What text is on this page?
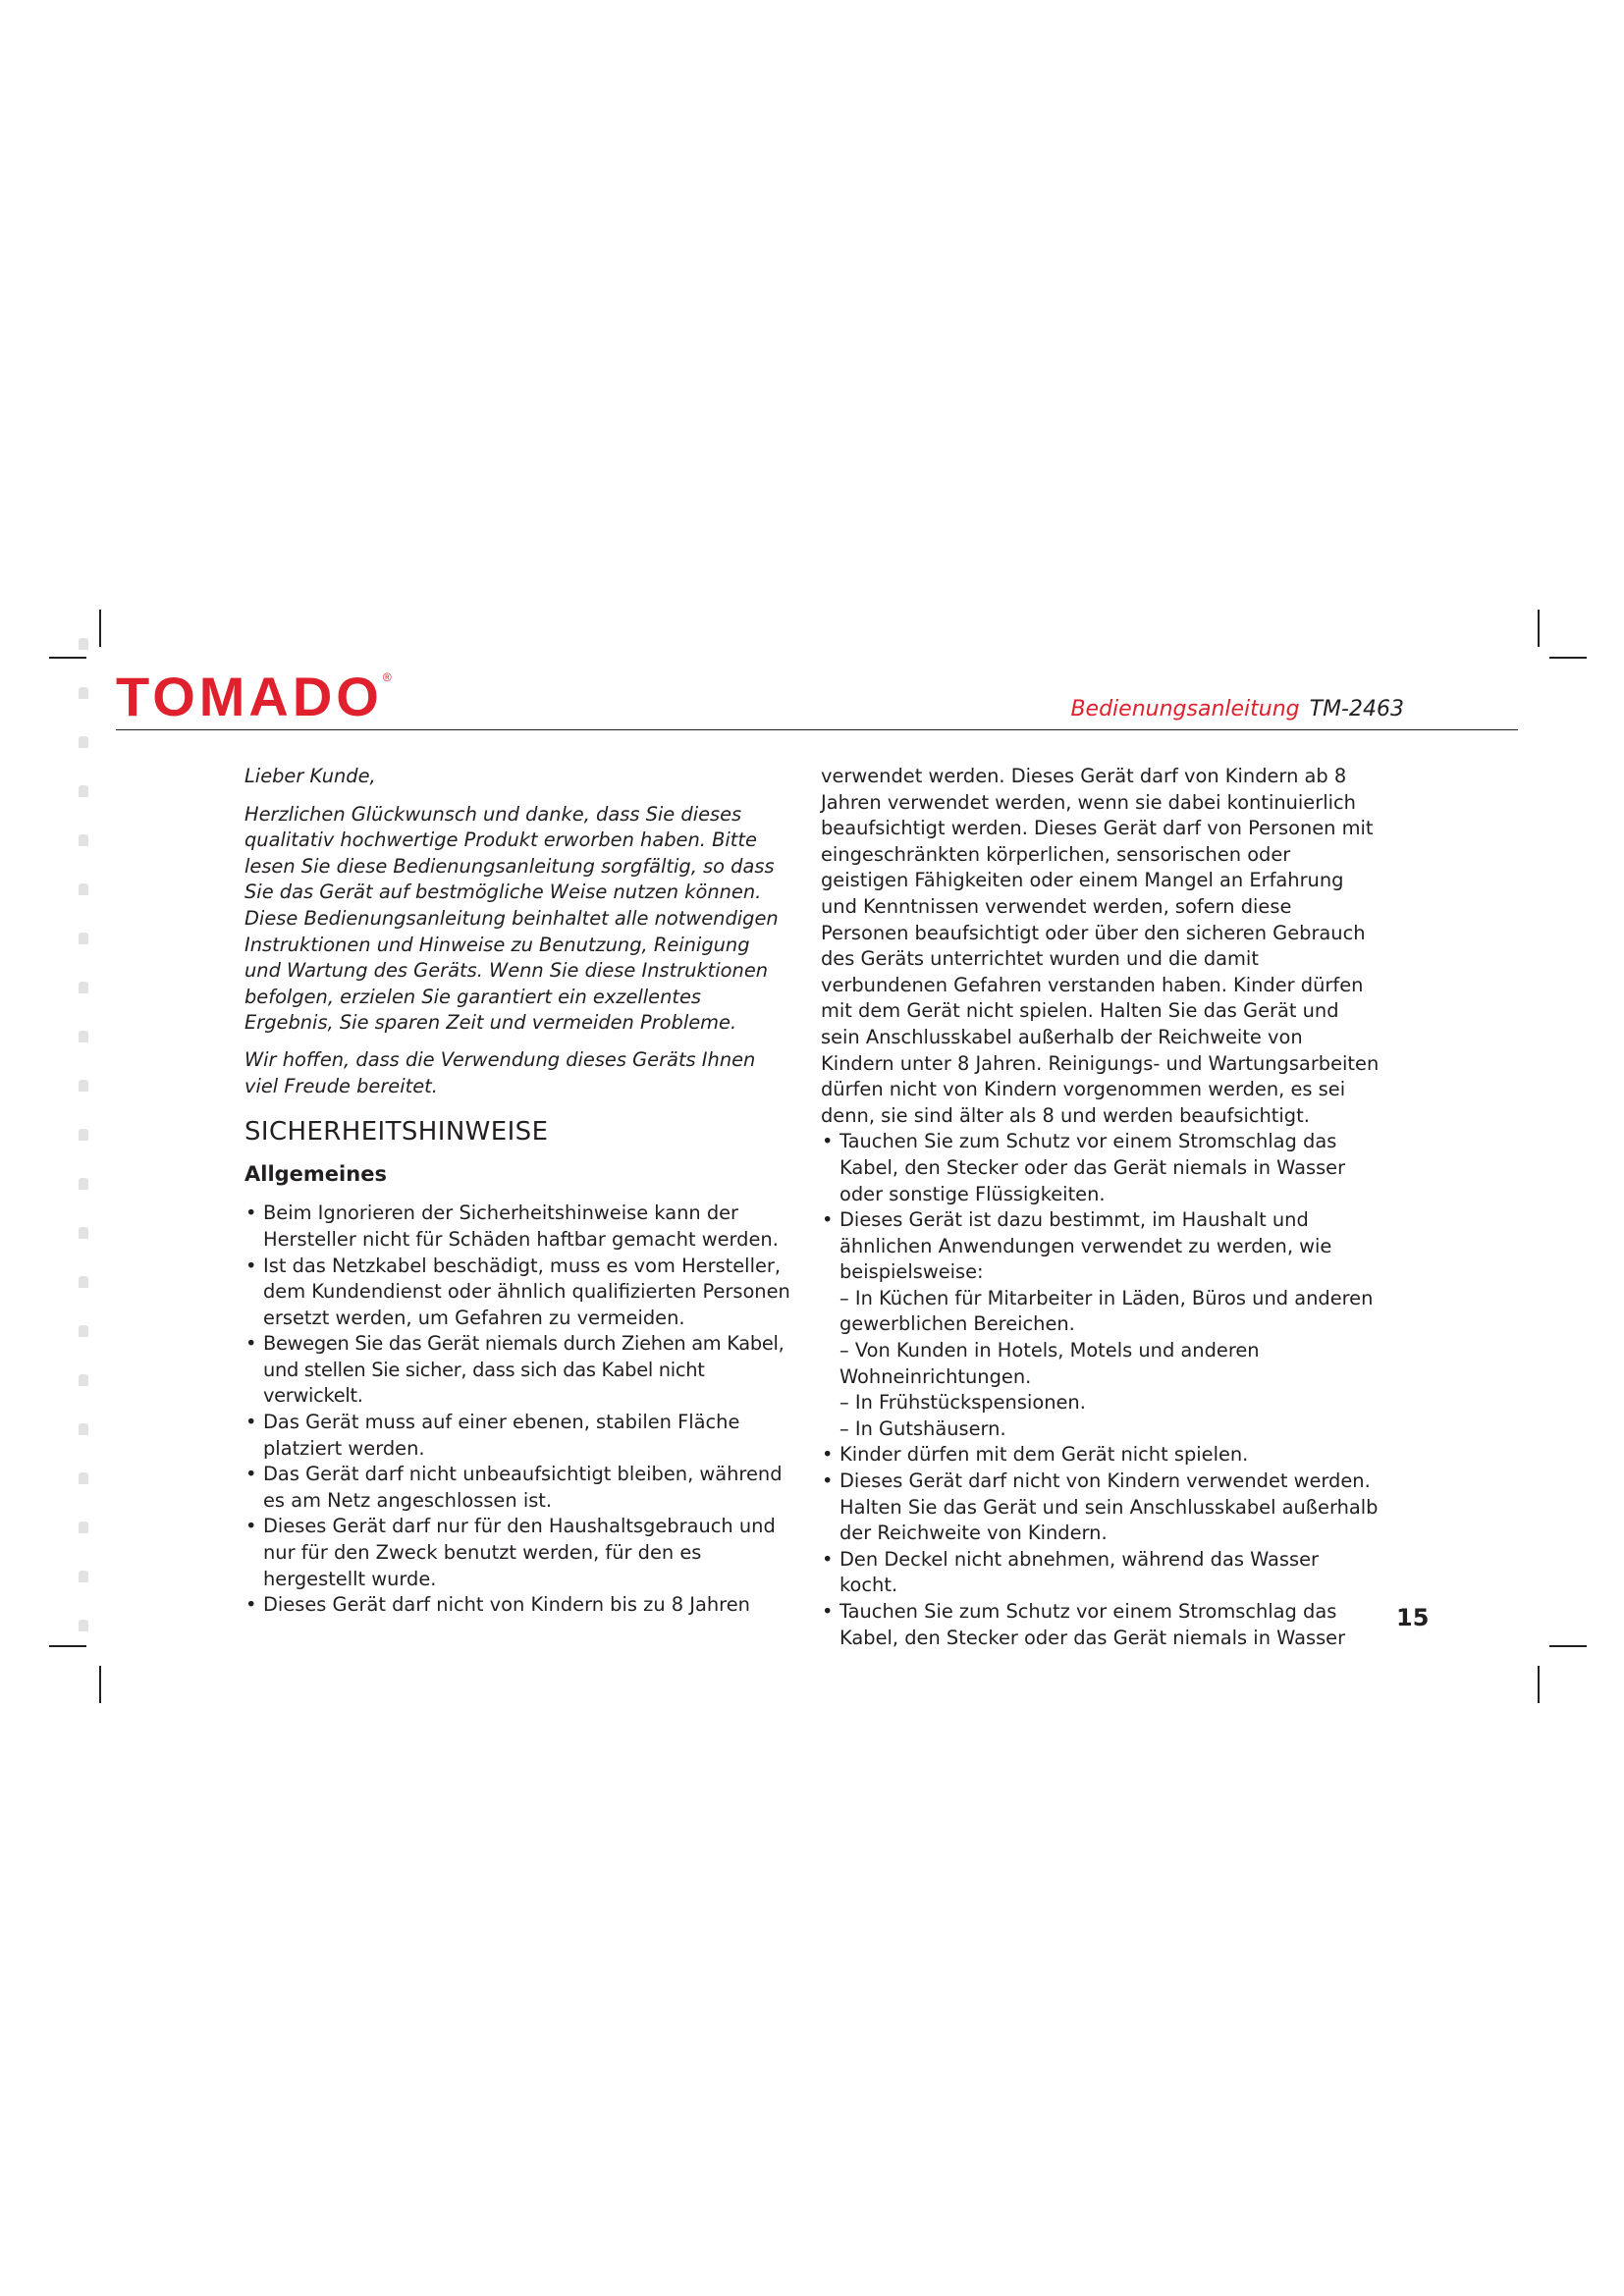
TOMADO®
Bedienungsanleitung TM-2463

Lieber Kunde,

Herzlichen Glückwunsch und danke, dass Sie dieses qualitativ hochwertige Produkt erworben haben. Bitte lesen Sie diese Bedienungsanleitung sorgfältig, so dass Sie das Gerät auf bestmögliche Weise nutzen können. Diese Bedienungsanleitung beinhaltet alle notwendigen Instruktionen und Hinweise zu Benutzung, Reinigung und Wartung des Geräts. Wenn Sie diese Instruktionen befolgen, erzielen Sie garantiert ein exzellentes Ergebnis, Sie sparen Zeit und vermeiden Probleme.

Wir hoffen, dass die Verwendung dieses Geräts Ihnen viel Freude bereitet.

SICHERHEITSHINWEISE
Allgemeines
• Beim Ignorieren der Sicherheitshinweise kann der Hersteller nicht für Schäden haftbar gemacht werden.
• Ist das Netzkabel beschädigt, muss es vom Hersteller, dem Kundendienst oder ähnlich qualifizierten Personen ersetzt werden, um Gefahren zu vermeiden.
• Bewegen Sie das Gerät niemals durch Ziehen am Kabel, und stellen Sie sicher, dass sich das Kabel nicht verwickelt.
• Das Gerät muss auf einer ebenen, stabilen Fläche platziert werden.
• Das Gerät darf nicht unbeaufsichtigt bleiben, während es am Netz angeschlossen ist.
• Dieses Gerät darf nur für den Haushaltsgebrauch und nur für den Zweck benutzt werden, für den es hergestellt wurde.
• Dieses Gerät darf nicht von Kindern bis zu 8 Jahren
verwendet werden. Dieses Gerät darf von Kindern ab 8 Jahren verwendet werden, wenn sie dabei kontinuierlich beaufsichtigt werden. Dieses Gerät darf von Personen mit eingeschränkten körperlichen, sensorischen oder geistigen Fähigkeiten oder einem Mangel an Erfahrung und Kenntnissen verwendet werden, sofern diese Personen beaufsichtigt oder über den sicheren Gebrauch des Geräts unterrichtet wurden und die damit verbundenen Gefahren verstanden haben. Kinder dürfen mit dem Gerät nicht spielen. Halten Sie das Gerät und sein Anschlusskabel außerhalb der Reichweite von Kindern unter 8 Jahren. Reinigungs- und Wartungsarbeiten dürfen nicht von Kindern vorgenommen werden, es sei denn, sie sind älter als 8 und werden beaufsichtigt.
• Tauchen Sie zum Schutz vor einem Stromschlag das Kabel, den Stecker oder das Gerät niemals in Wasser oder sonstige Flüssigkeiten.
• Dieses Gerät ist dazu bestimmt, im Haushalt und ähnlichen Anwendungen verwendet zu werden, wie beispielsweise:
– In Küchen für Mitarbeiter in Läden, Büros und anderen gewerblichen Bereichen.
– Von Kunden in Hotels, Motels und anderen Wohneinrichtungen.
– In Frühstückspensionen.
– In Gutshäusern.
• Kinder dürfen mit dem Gerät nicht spielen.
• Dieses Gerät darf nicht von Kindern verwendet werden. Halten Sie das Gerät und sein Anschlusskabel außerhalb der Reichweite von Kindern.
• Den Deckel nicht abnehmen, während das Wasser kocht.
• Tauchen Sie zum Schutz vor einem Stromschlag das Kabel, den Stecker oder das Gerät niemals in Wasser
15
